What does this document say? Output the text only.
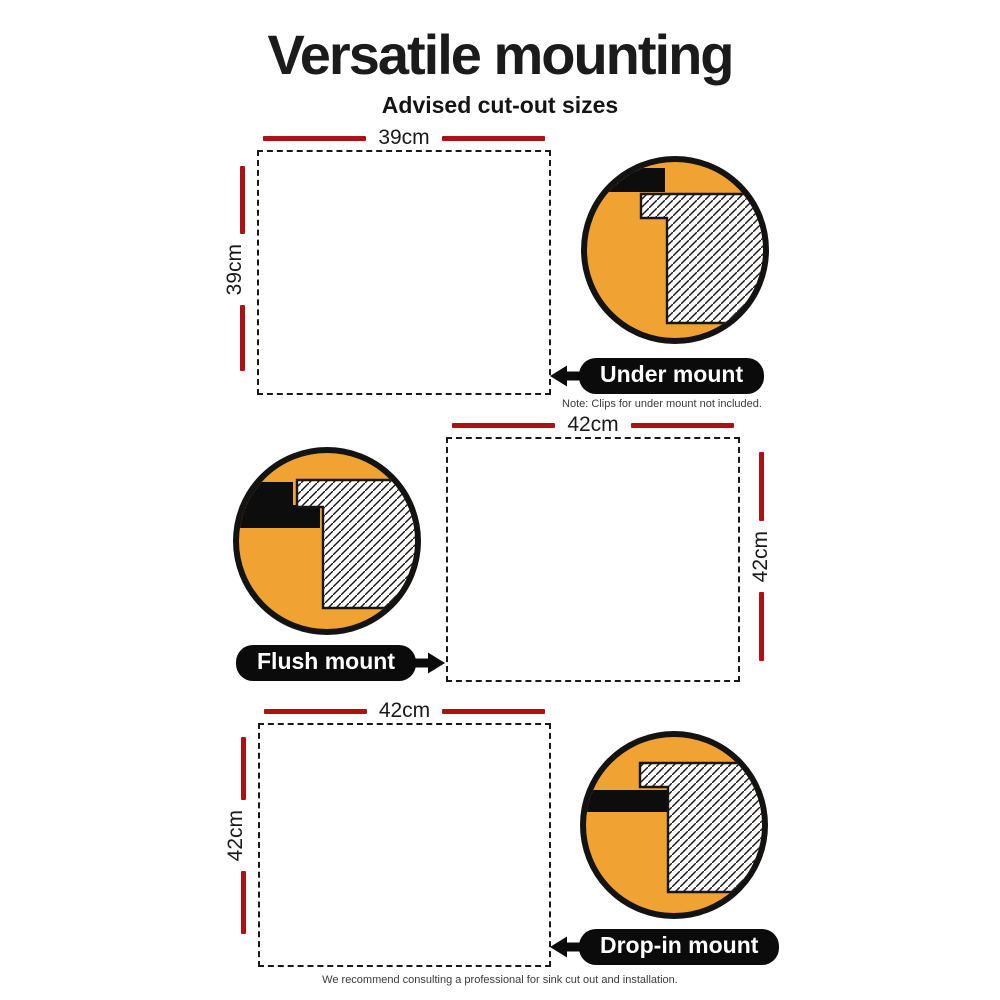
Versatile mounting
Advised cut-out sizes
39cm
39cm
Under mount
Note: Clips for under mount not included.
42cm
42cm
Flush mount
42cm
42cm
Drop-in mount
We recommend consulting a professional for sink cut out and installation.
